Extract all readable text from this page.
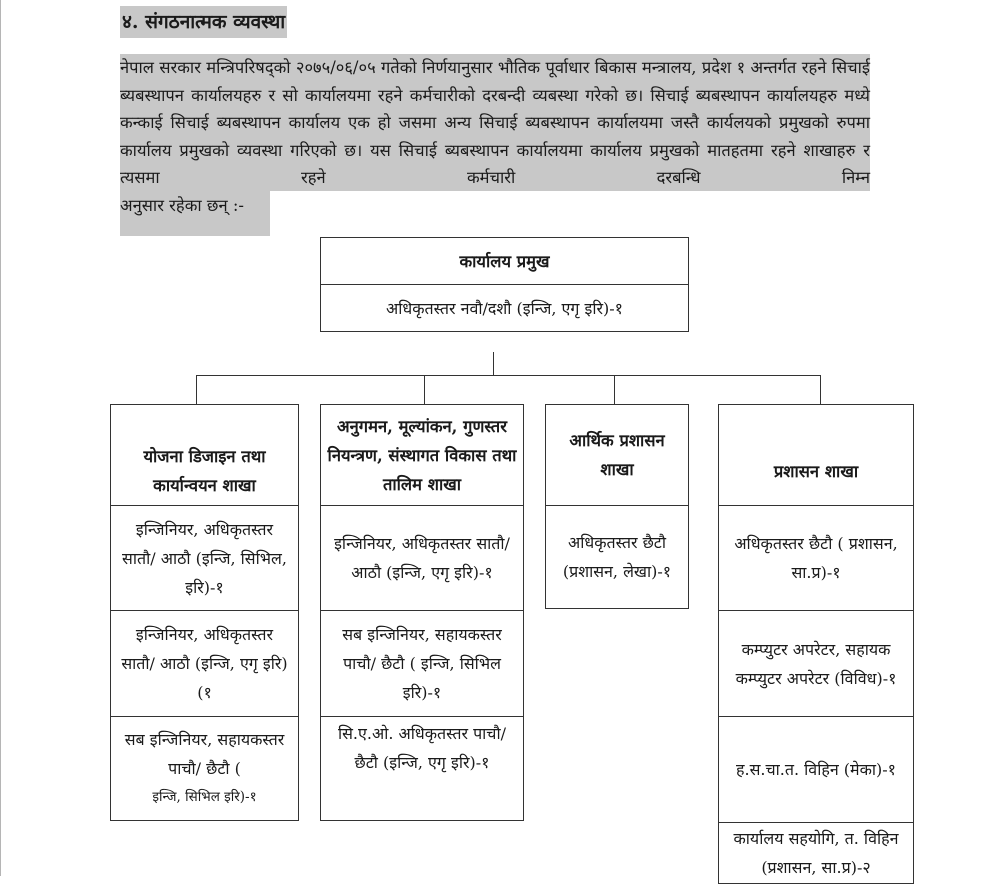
४. संगठनात्मक व्यवस्था

नेपाल सरकार मन्त्रिपरिषद्को २०७५/०६/०५ गतेको निर्णयानुसार भौतिक पूर्वाधार बिकास मन्त्रालय, प्रदेश १ अन्तर्गत रहने सिचाई ब्यबस्थापन कार्यालयहरु र सो कार्यालयमा रहने कर्मचारीको दरबन्दी व्यबस्था गरेको छ। सिचाई ब्यबस्थापन कार्यालयहरु मध्ये कन्काई सिचाई ब्यबस्थापन कार्यालय एक हो जसमा अन्य सिचाई ब्यबस्थापन कार्यालयमा जस्तै कार्यलयको प्रमुखको रुपमा कार्यालय प्रमुखको व्यवस्था गरिएको छ। यस सिचाई ब्यबस्थापन कार्यालयमा कार्यालय प्रमुखको मातहतमा रहने शाखाहरु र त्यसमा रहने कर्मचारी दरबन्धि निम्न
अनुसार रहेका छन् :-

कार्यालय प्रमुख
अधिकृतस्तर नवौ/दशौ (इन्जि, एगृ इरि)-१
योजना डिजाइन तथा कार्यान्वयन शाखा
इन्जिनियर, अधिकृतस्तर सातौ/ आठौ (इन्जि, सिभिल, इरि)-१
इन्जिनियर, अधिकृतस्तर सातौ/ आठौ (इन्जि, एगृ इरि)(१
सब इन्जिनियर, सहायकस्तर पाचौ/ छैटौ (
इन्जि, सिभिल इरि)-१
अनुगमन, मूल्यांकन, गुणस्तर नियन्त्रण, संस्थागत विकास तथा तालिम शाखा
इन्जिनियर, अधिकृतस्तर सातौ/ आठौ (इन्जि, एगृ इरि)-१
सब इन्जिनियर, सहायकस्तर पाचौ/ छैटौ ( इन्जि, सिभिल इरि)-१
सि.ए.ओ. अधिकृतस्तर पाचौ/ छैटौ (इन्जि, एगृ इरि)-१
आर्थिक प्रशासन शाखा
अधिकृतस्तर छैटौ (प्रशासन, लेखा)-१
प्रशासन शाखा
अधिकृतस्तर छैटौ ( प्रशासन, सा.प्र)-१
कम्प्युटर अपरेटर, सहायक कम्प्युटर अपरेटर (विविध)-१
ह.स.चा.त. विहिन (मेका)-१
कार्यालय सहयोगि, त. विहिन (प्रशासन, सा.प्र)-२
